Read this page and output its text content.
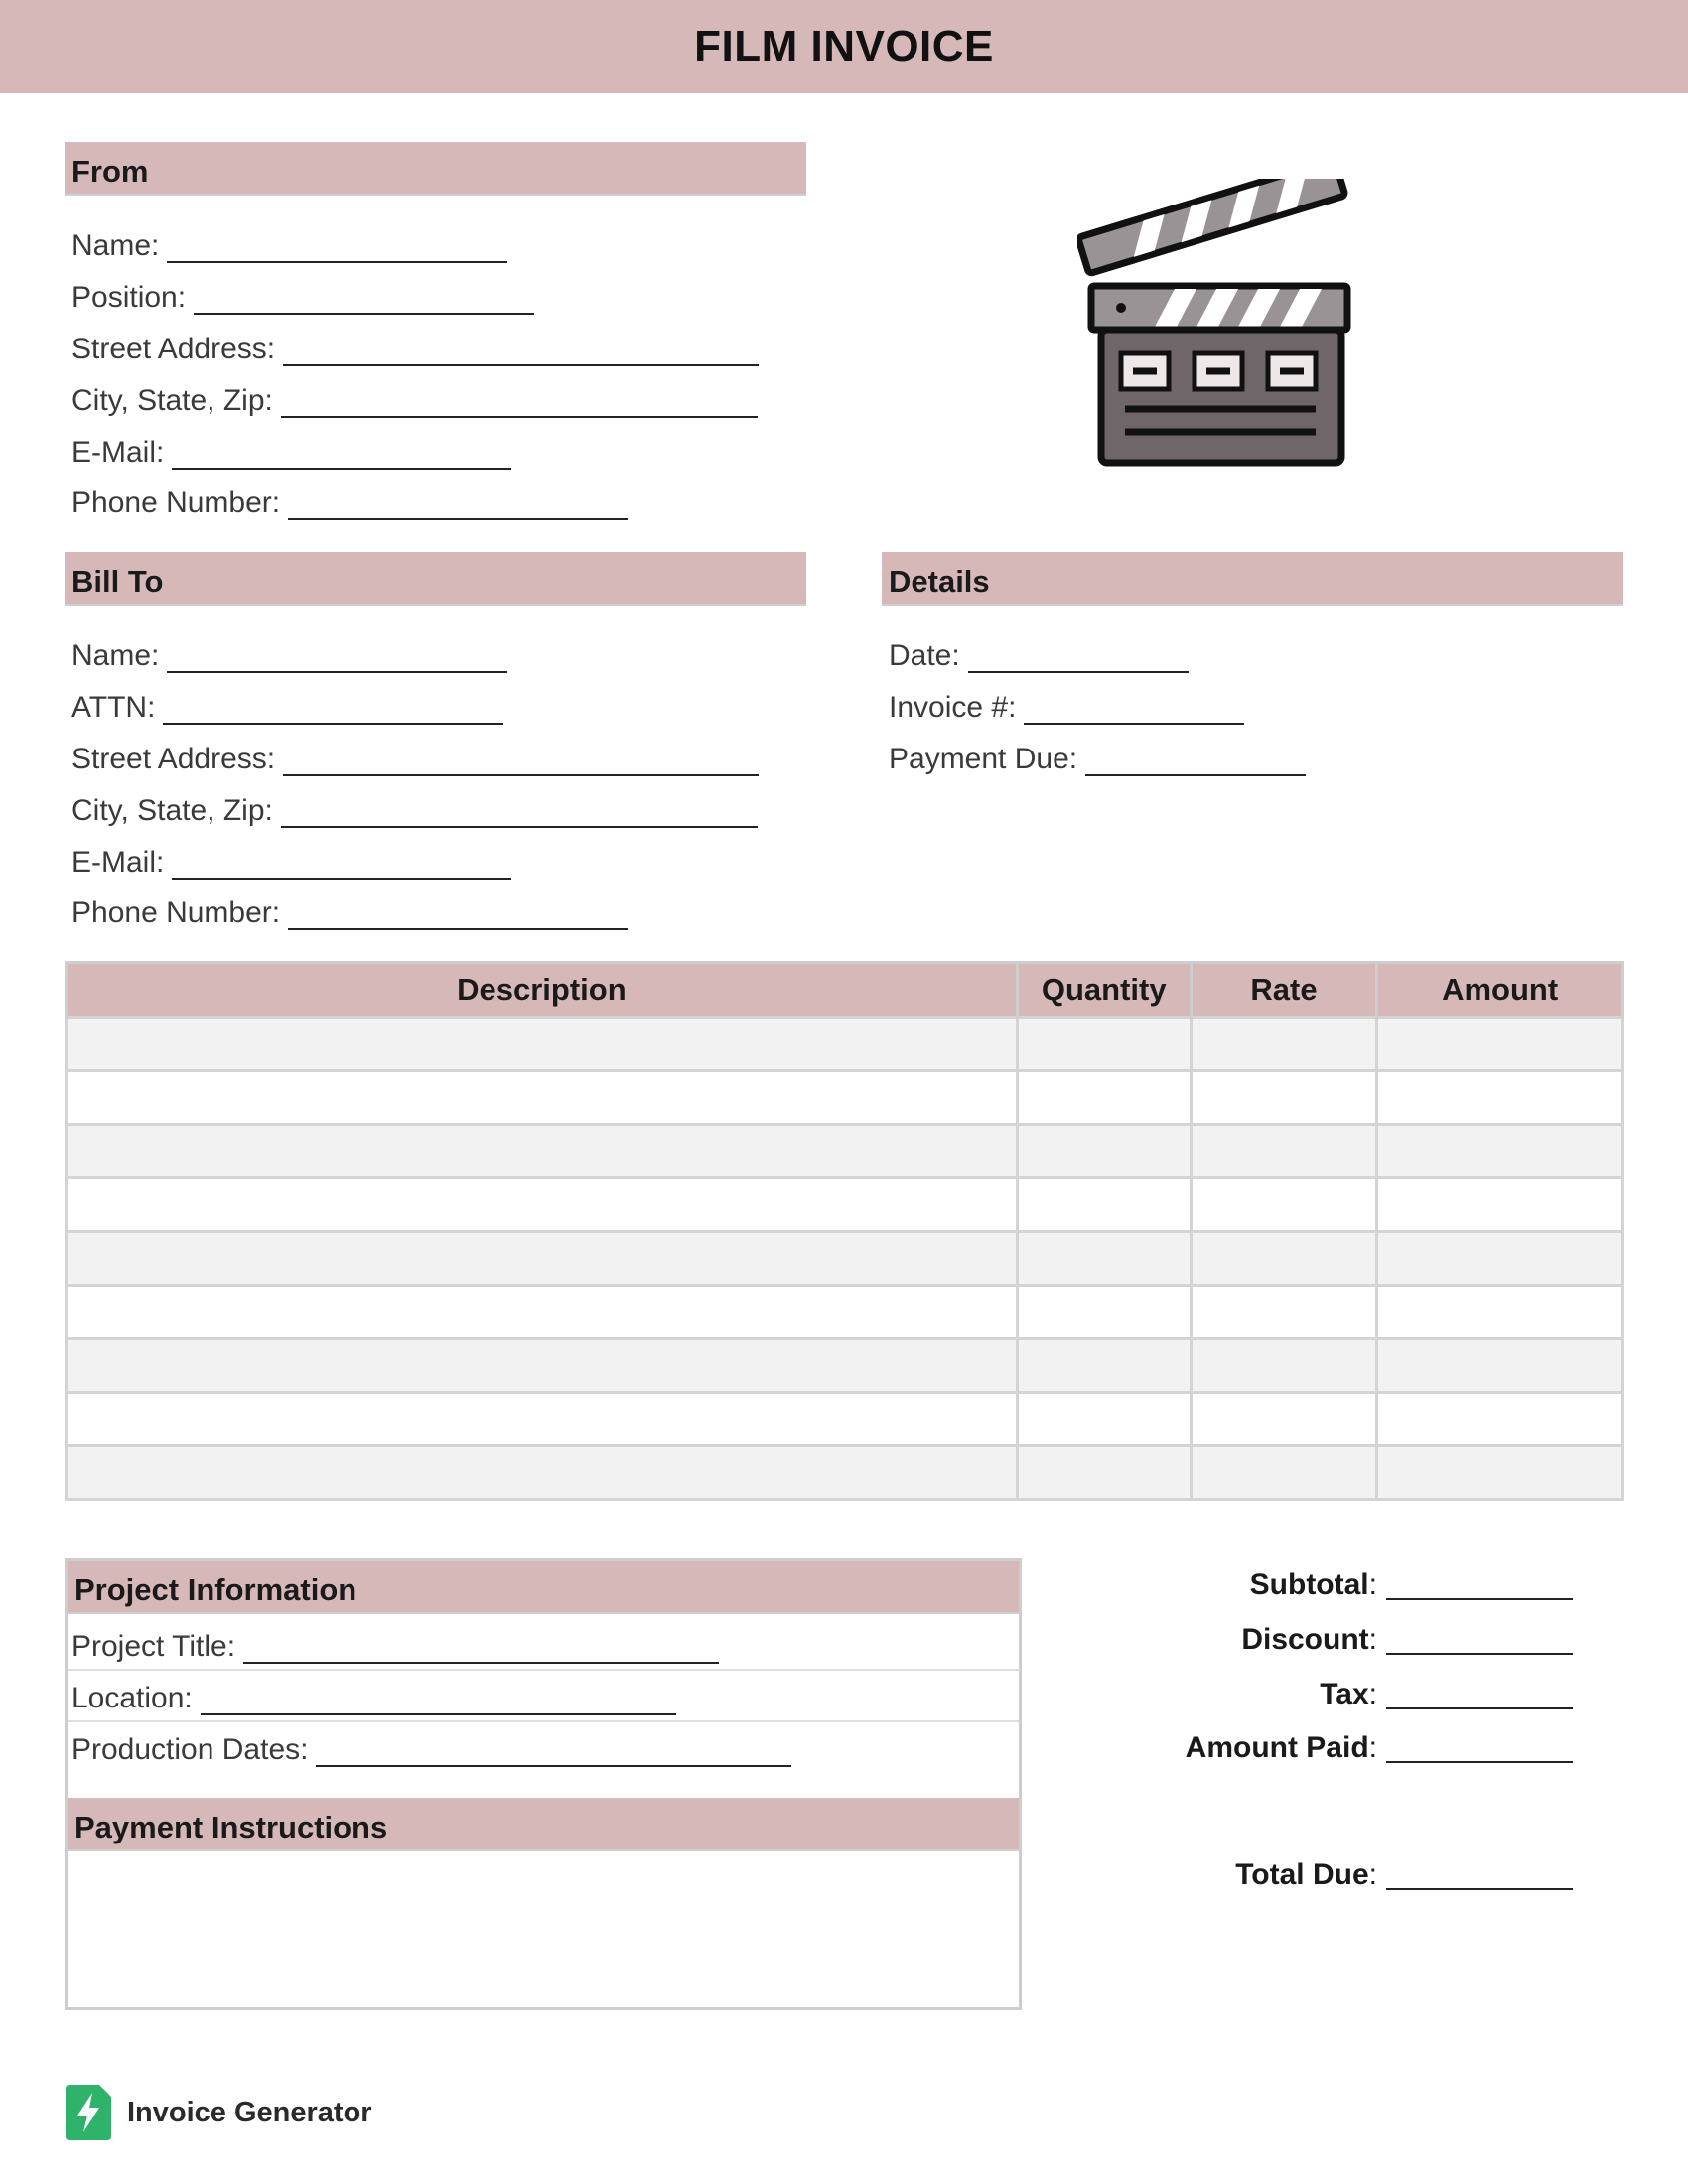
FILM INVOICE
From
Name:
Position:
Street Address:
City, State, Zip:
E-Mail:
Phone Number:
Bill To
Name:
ATTN:
Street Address:
City, State, Zip:
E-Mail:
Phone Number:
Details
Date:
Invoice #:
Payment Due:
Description	Quantity	Rate	Amount

Project Information
Payment Instructions
Project Title:
Location:
Production Dates:
Subtotal:
Discount:
Tax:
Amount Paid:
Total Due:
Invoice Generator
